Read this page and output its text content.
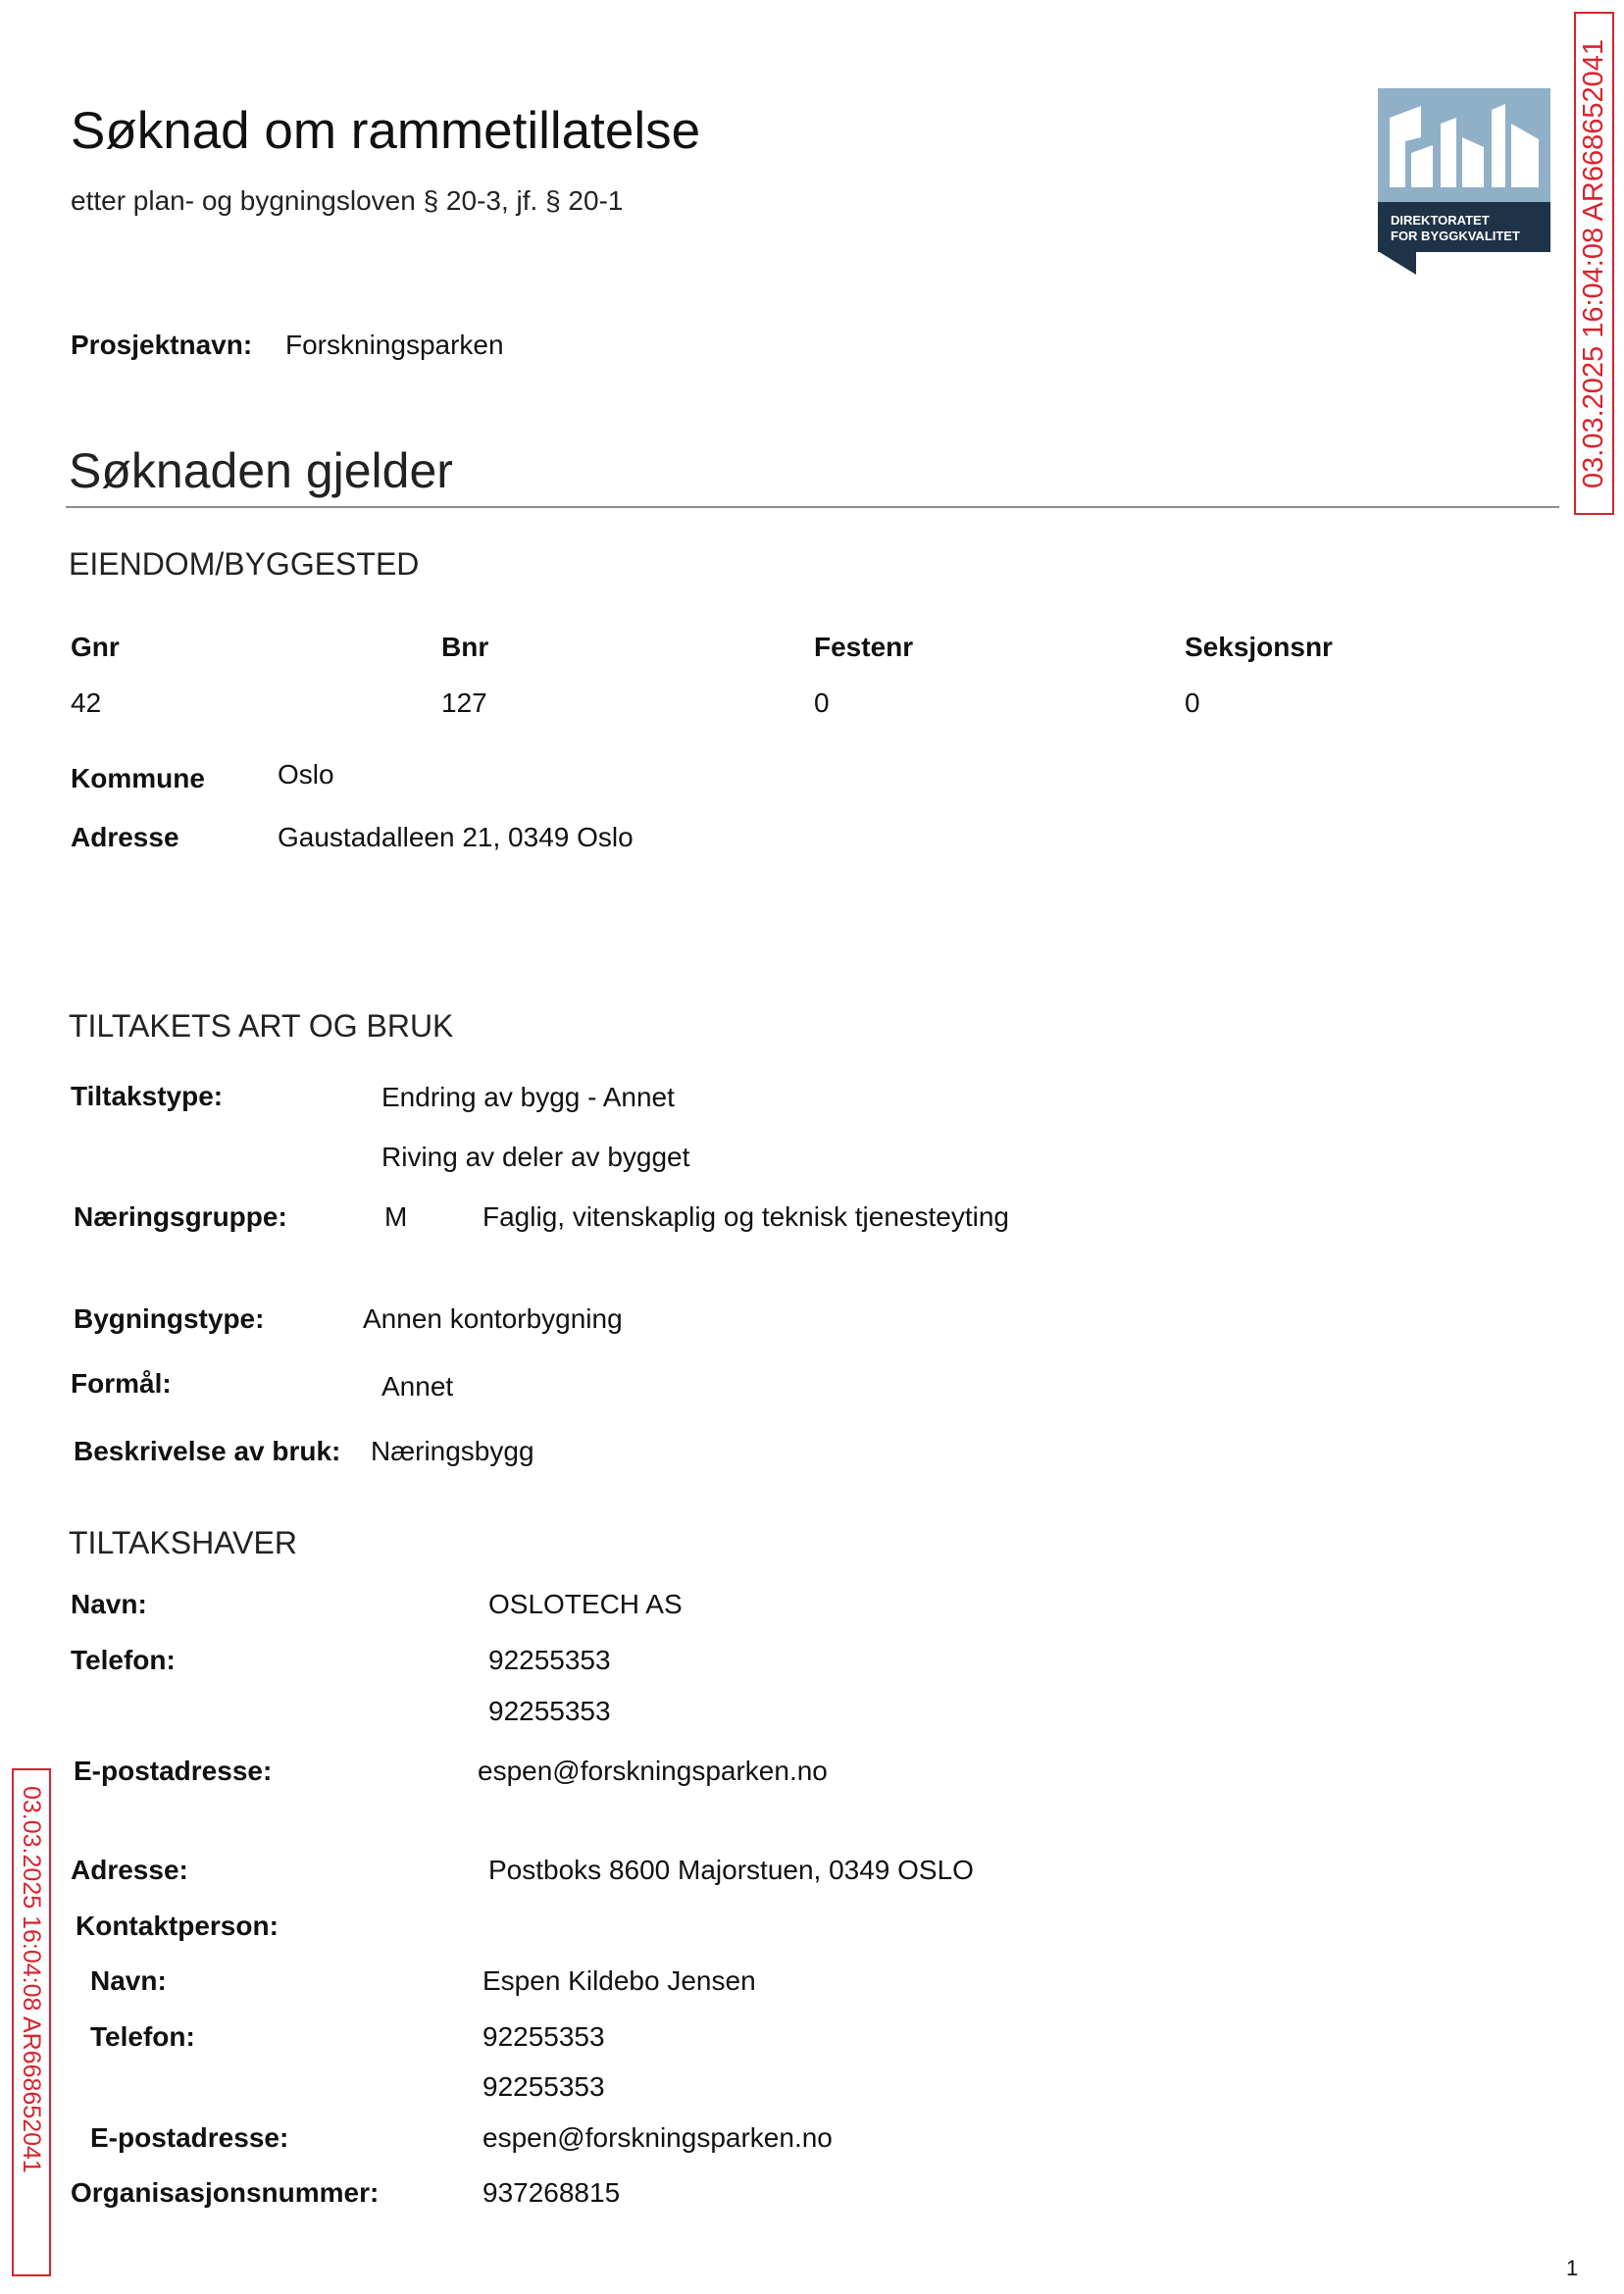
Søknad om rammetillatelse
etter plan- og bygningsloven § 20-3, jf. § 20-1
DIREKTORATET
FOR BYGGKVALITET 03.03.2025 16:04:08 AR668652041
03.03.2025 16:04:08 AR668652041
Prosjektnavn: Forskningsparken
Søknaden gjelder
EIENDOM/BYGGESTED
Gnr	Bnr	Festenr	Seksjonsnr
42	127	0	0
Kommune	Oslo
Adresse	Gaustadalleen 21, 0349 Oslo
TILTAKETS ART OG BRUK
Tiltakstype:	Endring av bygg - Annet
Riving av deler av bygget
Næringsgruppe:	M	Faglig, vitenskaplig og teknisk tjenesteyting
Bygningstype:	Annen kontorbygning
Formål:	Annet
Beskrivelse av bruk: Næringsbygg
TILTAKSHAVER
Navn:	OSLOTECH AS
Telefon:	92255353
92255353
E-postadresse:	espen@forskningsparken.no
Adresse:	Postboks 8600 Majorstuen, 0349 OSLO
Kontaktperson:
Navn:	Espen Kildebo Jensen
Telefon:	92255353
92255353
E-postadresse:	espen@forskningsparken.no
Organisasjonsnummer:	937268815
1
